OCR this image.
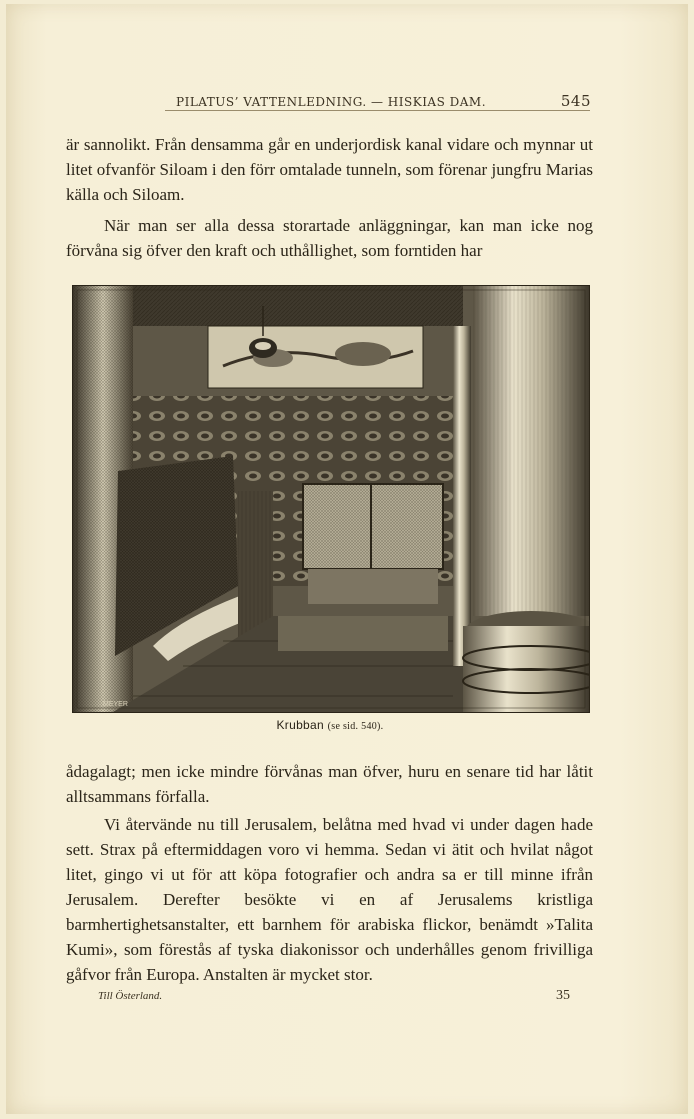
PILATUS’ VATTENLEDNING. — HISKIAS DAM.	545

är sannolikt. Från densamma går en underjordisk kanal vidare och mynnar ut litet ofvanför Siloam i den förr omtalade tunneln, som förenar jungfru Marias källa och Siloam.

När man ser alla dessa storartade anläggningar, kan man icke nog förvåna sig öfver den kraft och uthållighet, som forntiden har

MEYER
Krubban (se sid. 540).

ådagalagt; men icke mindre förvånas man öfver, huru en senare tid har låtit alltsammans förfalla.

Vi återvände nu till Jerusalem, belåtna med hvad vi under dagen hade sett. Strax på eftermiddagen voro vi hemma. Sedan vi ätit och hvilat något litet, gingo vi ut för att köpa fotografier och andra sa er till minne ifrån Jerusalem. Derefter besökte vi en af Jerusalems kristliga barmhertighetsanstalter, ett barnhem för arabiska flickor, benämdt »Talita Kumi», som förestås af tyska diakonissor och underhålles genom frivilliga gåfvor från Europa. Anstalten är mycket stor.

Till Österland.	35
